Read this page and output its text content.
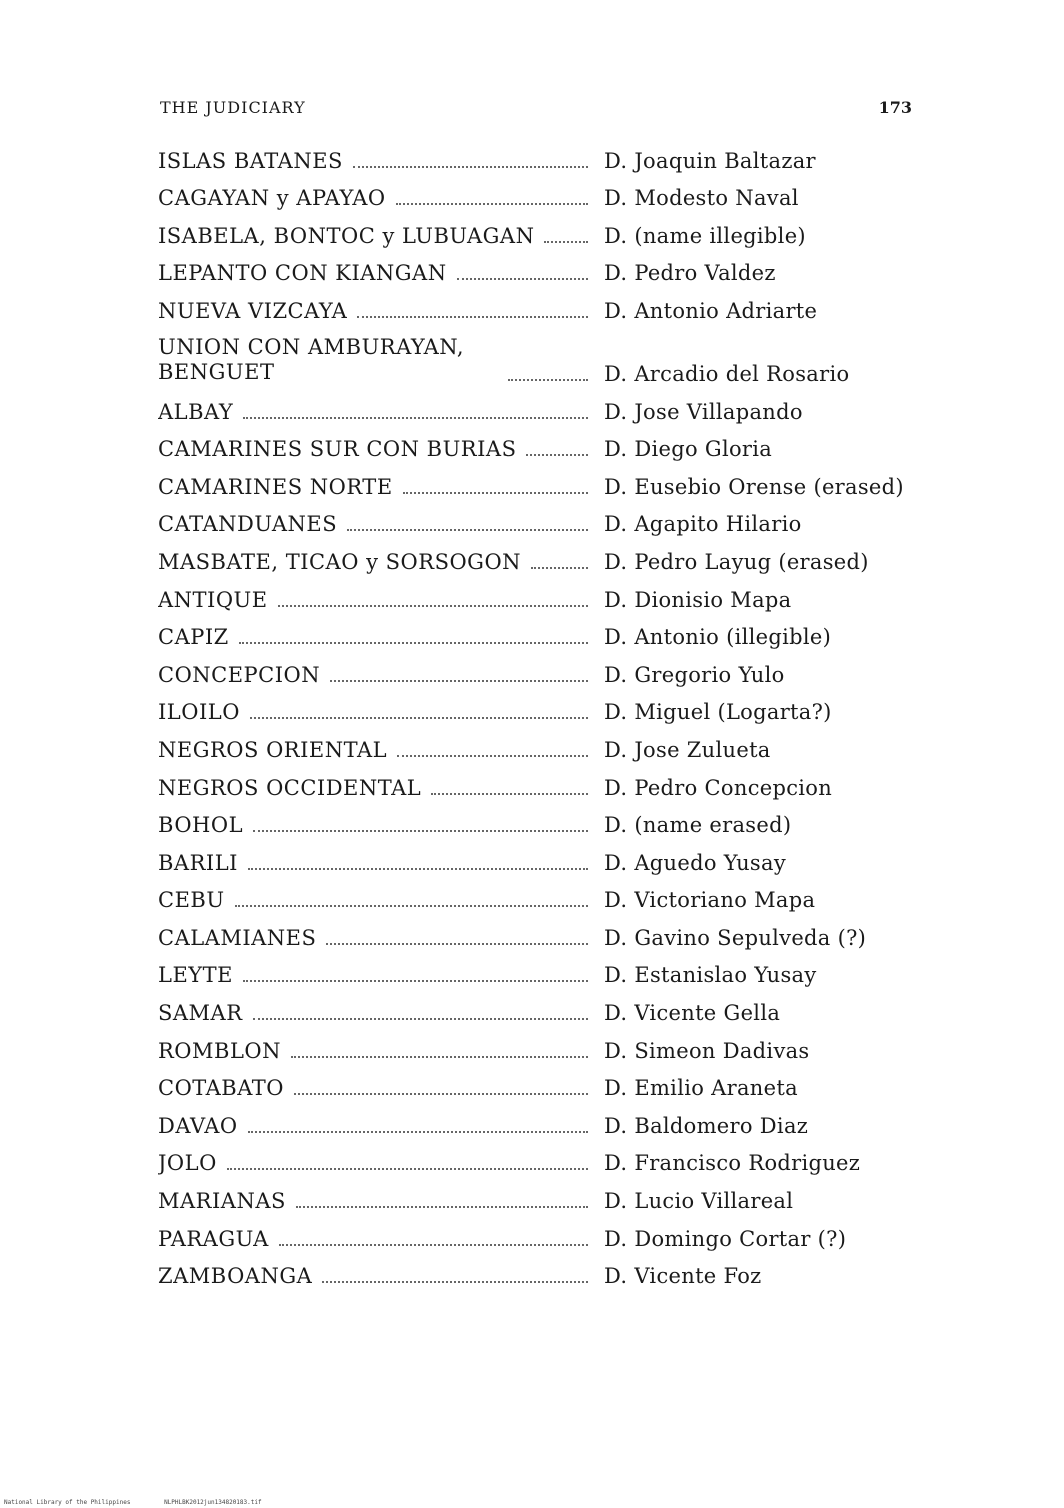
THE JUDICIARY	173
ISLAS BATANES	D. Joaquin Baltazar
CAGAYAN y APAYAO	D. Modesto Naval
ISABELA, BONTOC y LUBUAGAN	D. (name illegible)
LEPANTO CON KIANGAN	D. Pedro Valdez
NUEVA VIZCAYA	D. Antonio Adriarte
UNION CON AMBURAYAN, BENGUET	D. Arcadio del Rosario
ALBAY	D. Jose Villapando
CAMARINES SUR CON BURIAS	D. Diego Gloria
CAMARINES NORTE	D. Eusebio Orense (erased)
CATANDUANES	D. Agapito Hilario
MASBATE, TICAO y SORSOGON	D. Pedro Layug (erased)
ANTIQUE	D. Dionisio Mapa
CAPIZ	D. Antonio (illegible)
CONCEPCION	D. Gregorio Yulo
ILOILO	D. Miguel (Logarta?)
NEGROS ORIENTAL	D. Jose Zulueta
NEGROS OCCIDENTAL	D. Pedro Concepcion
BOHOL	D. (name erased)
BARILI	D. Aguedo Yusay
CEBU	D. Victoriano Mapa
CALAMIANES	D. Gavino Sepulveda (?)
LEYTE	D. Estanislao Yusay
SAMAR	D. Vicente Gella
ROMBLON	D. Simeon Dadivas
COTABATO	D. Emilio Araneta
DAVAO	D. Baldomero Diaz
JOLO	D. Francisco Rodriguez
MARIANAS	D. Lucio Villareal
PARAGUA	D. Domingo Cortar (?)
ZAMBOANGA	D. Vicente Foz
National Library of the Philippines	NLPHLBK2012jun13482018З.tif
